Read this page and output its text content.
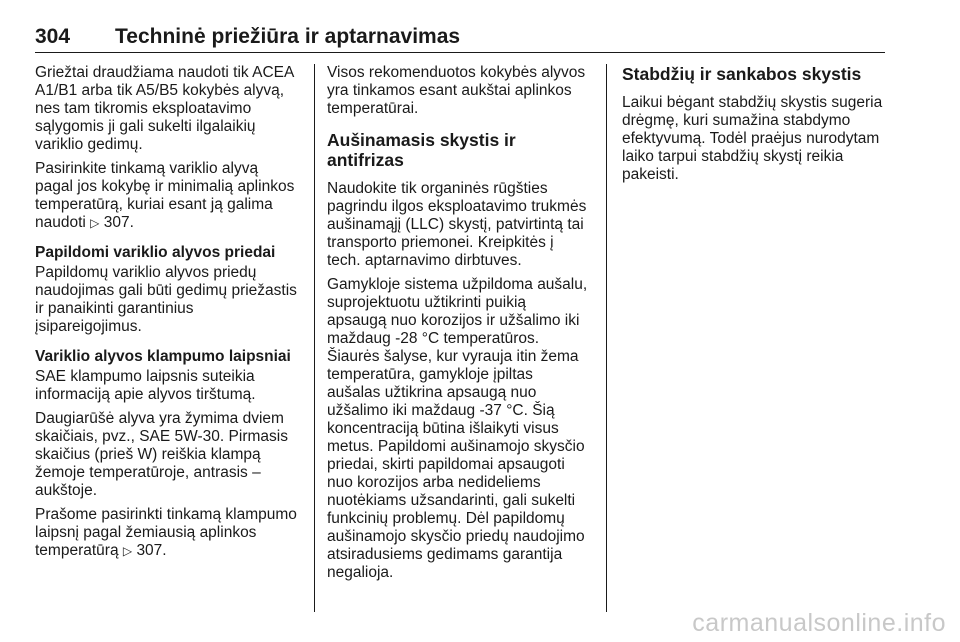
304 Techninė priežiūra ir aptarnavimas

Griežtai draudžiama naudoti tik ACEA A1/B1 arba tik A5/B5 kokybės alyvą, nes tam tikromis eksploatavimo sąlygomis ji gali sukelti ilgalaikių variklio gedimų.

Pasirinkite tinkamą variklio alyvą pagal jos kokybę ir minimalią aplinkos temperatūrą, kuriai esant ją galima naudoti ▷ 307.

Papildomi variklio alyvos priedai

Papildomų variklio alyvos priedų naudojimas gali būti gedimų priežastis ir panaikinti garantinius įsipareigojimus.

Variklio alyvos klampumo laipsniai

SAE klampumo laipsnis suteikia informaciją apie alyvos tirštumą.

Daugiarūšė alyva yra žymima dviem skaičiais, pvz., SAE 5W-30. Pirmasis skaičius (prieš W) reiškia klampą žemoje temperatūroje, antrasis – aukštoje.

Prašome pasirinkti tinkamą klampumo laipsnį pagal žemiausią aplinkos temperatūrą ▷ 307.

Visos rekomenduotos kokybės alyvos yra tinkamos esant aukštai aplinkos temperatūrai.

Aušinamasis skystis ir antifrizas

Naudokite tik organinės rūgšties pagrindu ilgos eksploatavimo trukmės aušinamąjį (LLC) skystį, patvirtintą tai transporto priemonei. Kreipkitės į tech. aptarnavimo dirbtuves.

Gamykloje sistema užpildoma aušalu, suprojektuotu užtikrinti puikią apsaugą nuo korozijos ir užšalimo iki maždaug -28 °C temperatūros. Šiaurės šalyse, kur vyrauja itin žema temperatūra, gamykloje įpiltas aušalas užtikrina apsaugą nuo užšalimo iki maždaug -37 °C. Šią koncentraciją būtina išlaikyti visus metus. Papildomi aušinamojo skysčio priedai, skirti papildomai apsaugoti nuo korozijos arba nedideliems nuotėkiams užsandarinti, gali sukelti funkcinių problemų. Dėl papildomų aušinamojo skysčio priedų naudojimo atsiradusiems gedimams garantija negalioja.

Stabdžių ir sankabos skystis

Laikui bėgant stabdžių skystis sugeria drėgmę, kuri sumažina stabdymo efektyvumą. Todėl praėjus nurodytam laiko tarpui stabdžių skystį reikia pakeisti.

carmanualsonline.info
